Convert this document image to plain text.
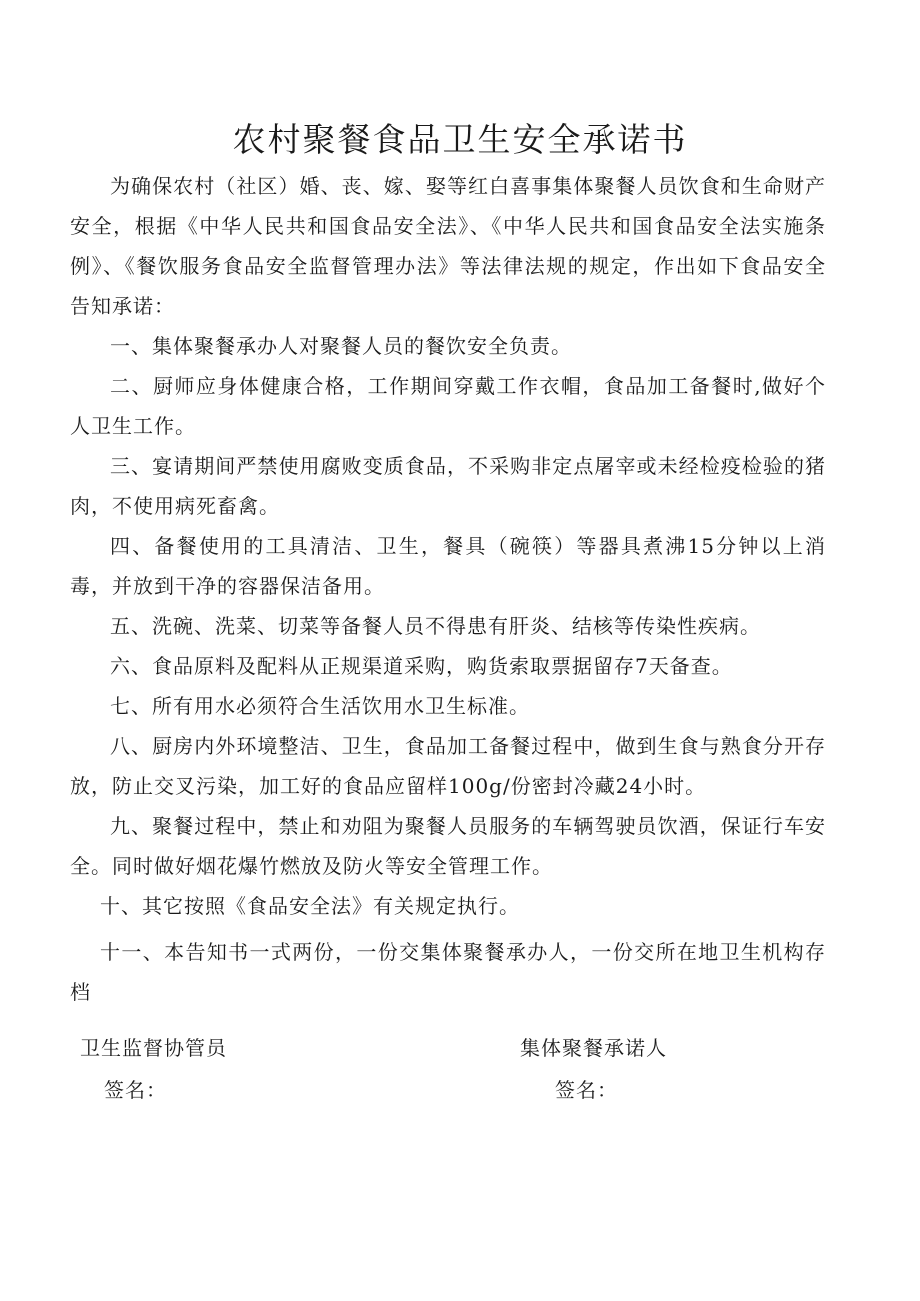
农村聚餐食品卫生安全承诺书

为确保农村（社区）婚、丧、嫁、娶等红白喜事集体聚餐人员饮食和生命财产安全，根据《中华人民共和国食品安全法》、《中华人民共和国食品安全法实施条例》、《餐饮服务食品安全监督管理办法》等法律法规的规定，作出如下食品安全告知承诺：

一、集体聚餐承办人对聚餐人员的餐饮安全负责。

二、厨师应身体健康合格，工作期间穿戴工作衣帽，食品加工备餐时,做好个人卫生工作。

三、宴请期间严禁使用腐败变质食品，不采购非定点屠宰或未经检疫检验的猪肉，不使用病死畜禽。

四、备餐使用的工具清洁、卫生，餐具（碗筷）等器具煮沸15分钟以上消毒，并放到干净的容器保洁备用。

五、洗碗、洗菜、切菜等备餐人员不得患有肝炎、结核等传染性疾病。

六、食品原料及配料从正规渠道采购，购货索取票据留存7天备查。

七、所有用水必须符合生活饮用水卫生标准。

八、厨房内外环境整洁、卫生，食品加工备餐过程中，做到生食与熟食分开存放，防止交叉污染，加工好的食品应留样100g/份密封冷藏24小时。

九、聚餐过程中，禁止和劝阻为聚餐人员服务的车辆驾驶员饮酒，保证行车安全。同时做好烟花爆竹燃放及防火等安全管理工作。

十、其它按照《食品安全法》有关规定执行。

十一、本告知书一式两份，一份交集体聚餐承办人，一份交所在地卫生机构存档

卫生监督协管员
签名：
集体聚餐承诺人
签名：
